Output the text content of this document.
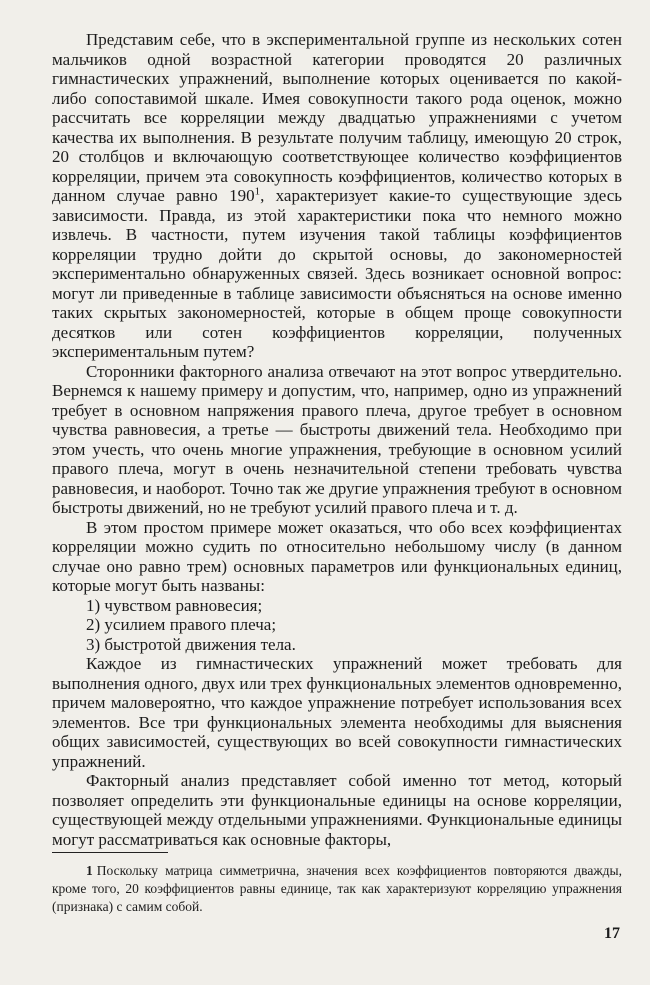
Представим себе, что в экспериментальной группе из нескольких сотен мальчиков одной возрастной категории проводятся 20 различных гимнастических упражнений, выполнение которых оценивается по какой-либо сопоставимой шкале. Имея совокупности такого рода оценок, можно рассчитать все корреляции между двадцатью упражнениями с учетом качества их выполнения. В результате получим таблицу, имеющую 20 строк, 20 столбцов и включающую соответствующее количество коэффициентов корреляции, причем эта совокупность коэффициентов, количество которых в данном случае равно $190^1$, характеризует какие-то существующие здесь зависимости. Правда, из этой характеристики пока что немного можно извлечь. В частности, путем изучения такой таблицы коэффициентов корреляции трудно дойти до скрытой основы, до закономерностей экспериментально обнаруженных связей. Здесь возникает основной вопрос: могут ли приведенные в таблице зависимости объясняться на основе именно таких скрытых закономерностей, которые в общем проще совокупности десятков или сотен коэффициентов корреляции, полученных экспериментальным путем?

Сторонники факторного анализа отвечают на этот вопрос утвердительно. Вернемся к нашему примеру и допустим, что, например, одно из упражнений требует в основном напряжения правого плеча, другое требует в основном чувства равновесия, а третье — быстроты движений тела. Необходимо при этом учесть, что очень многие упражнения, требующие в основном усилий правого плеча, могут в очень незначительной степени требовать чувства равновесия, и наоборот. Точно так же другие упражнения требуют в основном быстроты движений, но не требуют усилий правого плеча и т. д.

В этом простом примере может оказаться, что обо всех коэффициентах корреляции можно судить по относительно небольшому числу (в данном случае оно равно трем) основных параметров или функциональных единиц, которые могут быть названы:

1) чувством равновесия;
2) усилием правого плеча;
3) быстротой движения тела.

Каждое из гимнастических упражнений может требовать для выполнения одного, двух или трех функциональных элементов одновременно, причем маловероятно, что каждое упражнение потребует использования всех элементов. Все три функциональных элемента необходимы для выяснения общих зависимостей, существующих во всей совокупности гимнастических упражнений.

Факторный анализ представляет собой именно тот метод, который позволяет определить эти функциональные единицы на основе корреляции, существующей между отдельными упражнениями. Функциональные единицы могут рассматриваться как основные факторы,

1 Поскольку матрица симметрична, значения всех коэффициентов повторяются дважды, кроме того, 20 коэффициентов равны единице, так как характеризуют корреляцию упражнения (признака) с самим собой.

17
